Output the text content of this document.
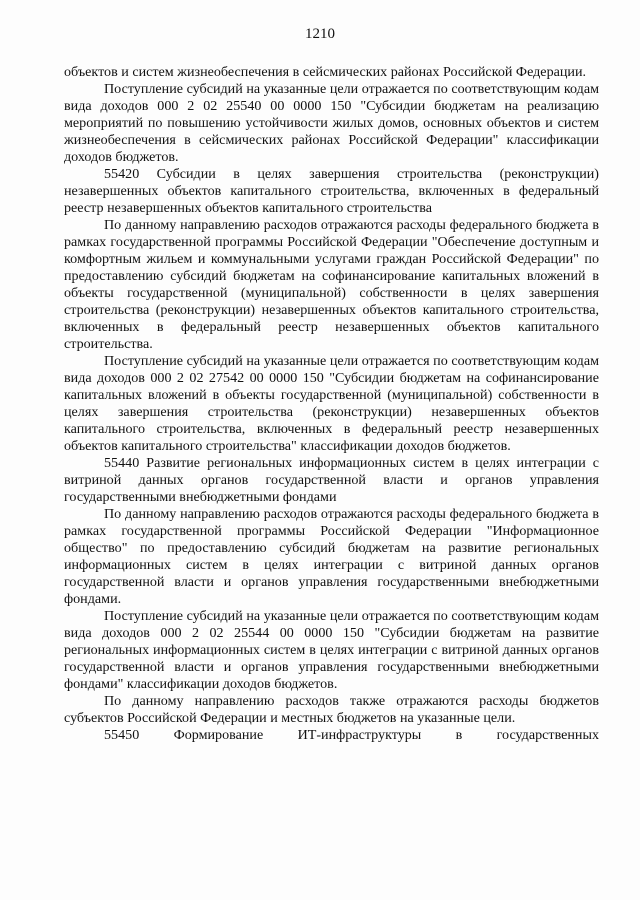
1210

объектов и систем жизнеобеспечения в сейсмических районах Российской Федерации.

Поступление субсидий на указанные цели отражается по соответствующим кодам вида доходов 000 2 02 25540 00 0000 150 "Субсидии бюджетам на реализацию мероприятий по повышению устойчивости жилых домов, основных объектов и систем жизнеобеспечения в сейсмических районах Российской Федерации" классификации доходов бюджетов.

55420 Субсидии в целях завершения строительства (реконструкции) незавершенных объектов капитального строительства, включенных в федеральный реестр незавершенных объектов капитального строительства

По данному направлению расходов отражаются расходы федерального бюджета в рамках государственной программы Российской Федерации "Обеспечение доступным и комфортным жильем и коммунальными услугами граждан Российской Федерации" по предоставлению субсидий бюджетам на софинансирование капитальных вложений в объекты государственной (муниципальной) собственности в целях завершения строительства (реконструкции) незавершенных объектов капитального строительства, включенных в федеральный реестр незавершенных объектов капитального строительства.

Поступление субсидий на указанные цели отражается по соответствующим кодам вида доходов 000 2 02 27542 00 0000 150 "Субсидии бюджетам на софинансирование капитальных вложений в объекты государственной (муниципальной) собственности в целях завершения строительства (реконструкции) незавершенных объектов капитального строительства, включенных в федеральный реестр незавершенных объектов капитального строительства" классификации доходов бюджетов.

55440 Развитие региональных информационных систем в целях интеграции с витриной данных органов государственной власти и органов управления государственными внебюджетными фондами

По данному направлению расходов отражаются расходы федерального бюджета в рамках государственной программы Российской Федерации "Информационное общество" по предоставлению субсидий бюджетам на развитие региональных информационных систем в целях интеграции с витриной данных органов государственной власти и органов управления государственными внебюджетными фондами.

Поступление субсидий на указанные цели отражается по соответствующим кодам вида доходов 000 2 02 25544 00 0000 150 "Субсидии бюджетам на развитие региональных информационных систем в целях интеграции с витриной данных органов государственной власти и органов управления государственными внебюджетными фондами" классификации доходов бюджетов.

По данному направлению расходов также отражаются расходы бюджетов субъектов Российской Федерации и местных бюджетов на указанные цели.

55450 Формирование ИТ-инфраструктуры в государственных
